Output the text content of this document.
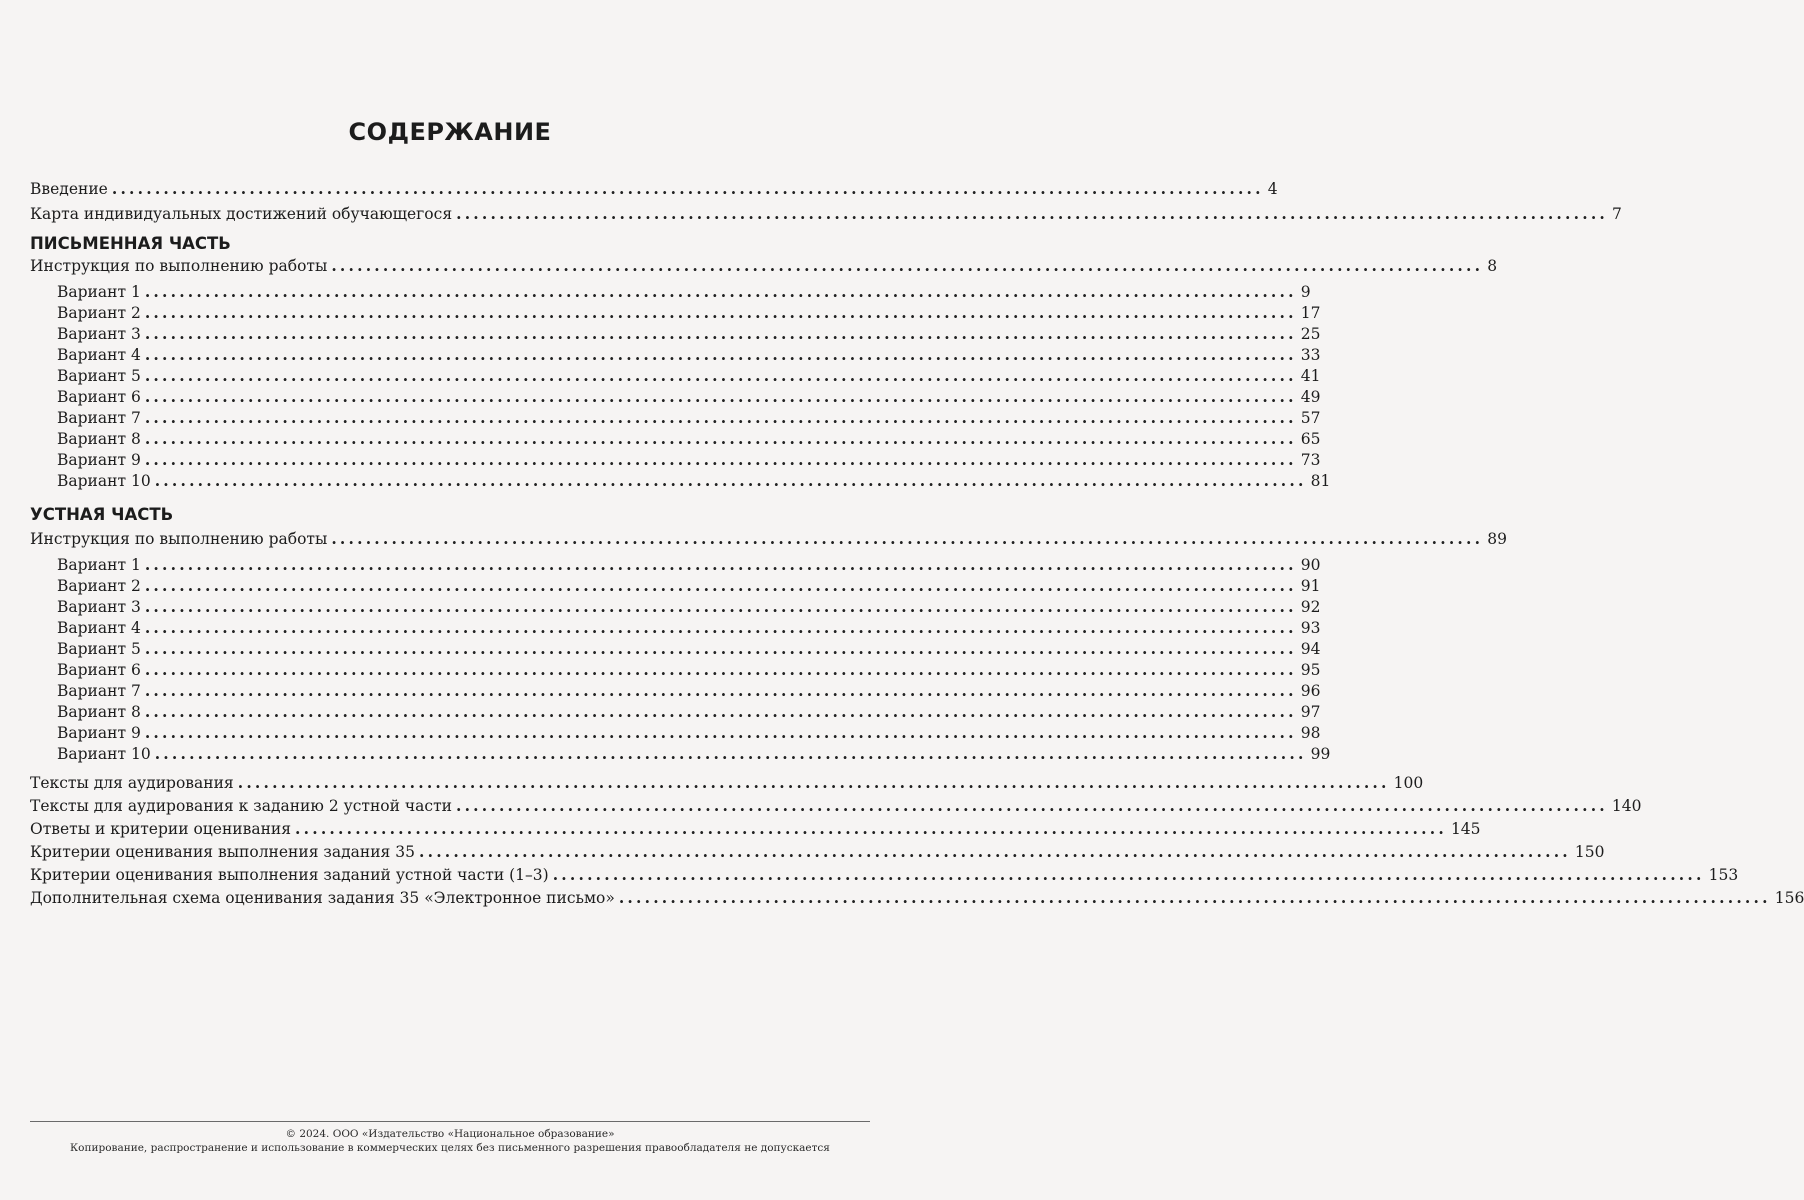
СОДЕРЖАНИЕ
Введение ...................................................................................................................................... 4
Карта индивидуальных достижений обучающегося ...................................................................................................................................... 7
ПИСЬМЕННАЯ ЧАСТЬ
Инструкция по выполнению работы ...................................................................................................................................... 8
Вариант 1 ...................................................................................................................................... 9
Вариант 2 ...................................................................................................................................... 17
Вариант 3 ...................................................................................................................................... 25
Вариант 4 ...................................................................................................................................... 33
Вариант 5 ...................................................................................................................................... 41
Вариант 6 ...................................................................................................................................... 49
Вариант 7 ...................................................................................................................................... 57
Вариант 8 ...................................................................................................................................... 65
Вариант 9 ...................................................................................................................................... 73
Вариант 10 ...................................................................................................................................... 81
УСТНАЯ ЧАСТЬ
Инструкция по выполнению работы ...................................................................................................................................... 89
Вариант 1 ...................................................................................................................................... 90
Вариант 2 ...................................................................................................................................... 91
Вариант 3 ...................................................................................................................................... 92
Вариант 4 ...................................................................................................................................... 93
Вариант 5 ...................................................................................................................................... 94
Вариант 6 ...................................................................................................................................... 95
Вариант 7 ...................................................................................................................................... 96
Вариант 8 ...................................................................................................................................... 97
Вариант 9 ...................................................................................................................................... 98
Вариант 10 ...................................................................................................................................... 99
Тексты для аудирования ...................................................................................................................................... 100
Тексты для аудирования к заданию 2 устной части ...................................................................................................................................... 140
Ответы и критерии оценивания ...................................................................................................................................... 145
Критерии оценивания выполнения задания 35 ...................................................................................................................................... 150
Критерии оценивания выполнения заданий устной части (1–3) ...................................................................................................................................... 153
Дополнительная схема оценивания задания 35 «Электронное письмо» ...................................................................................................................................... 156
© 2024. ООО «Издательство «Национальное образование»
Копирование, распространение и использование в коммерческих целях без письменного разрешения правообладателя не допускается
